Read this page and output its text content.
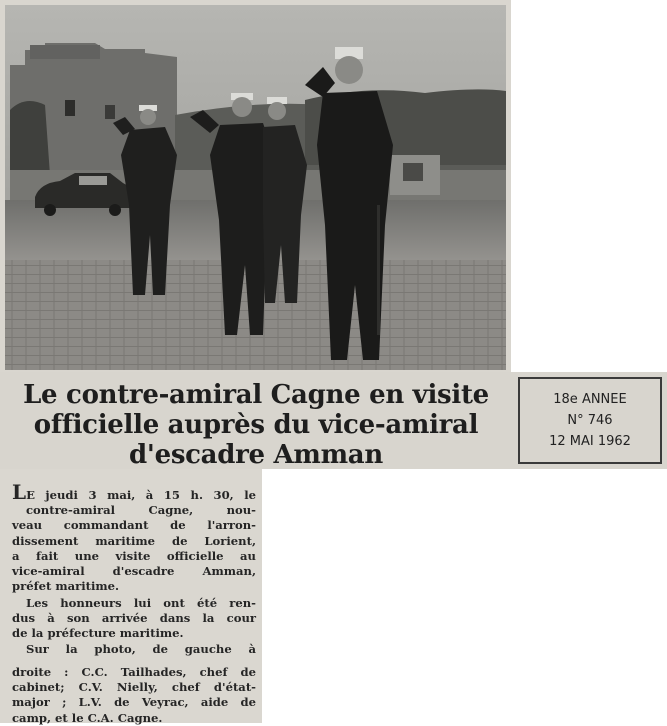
Le contre-amiral Cagne en visite
officielle auprès du vice-amiral
d'escadre Amman
18e ANNEE
N° 746
12 MAI 1962
LE jeudi 3 mai, à 15 h. 30, le
contre-amiral Cagne, nou-
veau commandant de l'arron-
dissement maritime de Lorient,
a fait une visite officielle au
vice-amiral d'escadre Amman,
préfet maritime.
Les honneurs lui ont été ren-
dus à son arrivée dans la cour
de la préfecture maritime.
Sur la photo, de gauche à
droite : C.C. Tailhades, chef de
cabinet; C.V. Nielly, chef d'état-
major ; L.V. de Veyrac, aide de
camp, et le C.A. Cagne.
